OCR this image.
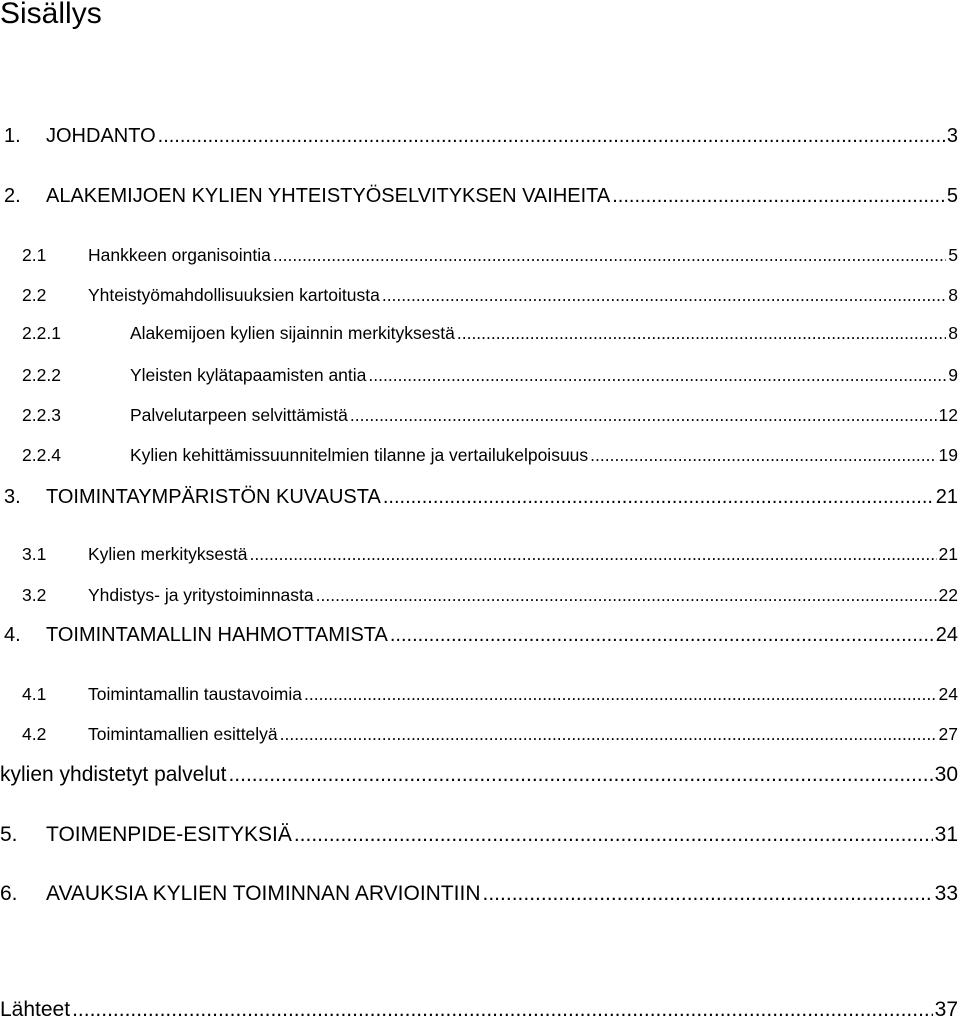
Sisällys
1.	JOHDANTO .....	3
2.	ALAKEMIJOEN KYLIEN YHTEISTYÖSELVITYKSEN VAIHEITA .....	5
2.1	Hankkeen organisointia .....	5
2.2	Yhteistyömahdollisuuksien kartoitusta .....	8
2.2.1	Alakemijoen kylien sijainnin merkityksestä .....	8
2.2.2	Yleisten kylätapaamisten antia .....	9
2.2.3	Palvelutarpeen selvittämistä .....	12
2.2.4	Kylien kehittämissuunnitelmien tilanne ja vertailukelpoisuus .....	19
3.	TOIMINTAYMPÄRISTÖN KUVAUSTA .....	21
3.1	Kylien merkityksestä .....	21
3.2	Yhdistys- ja yritystoiminnasta .....	22
4.	TOIMINTAMALLIN HAHMOTTAMISTA .....	24
4.1	Toimintamallin taustavoimia .....	24
4.2	Toimintamallien esittelyä .....	27
kylien yhdistetyt palvelut .....	30
5.	TOIMENPIDE-ESITYKSIÄ .....	31
6.	AVAUKSIA KYLIEN TOIMINNAN ARVIOINTIIN .....	33
Lähteet .....	37
